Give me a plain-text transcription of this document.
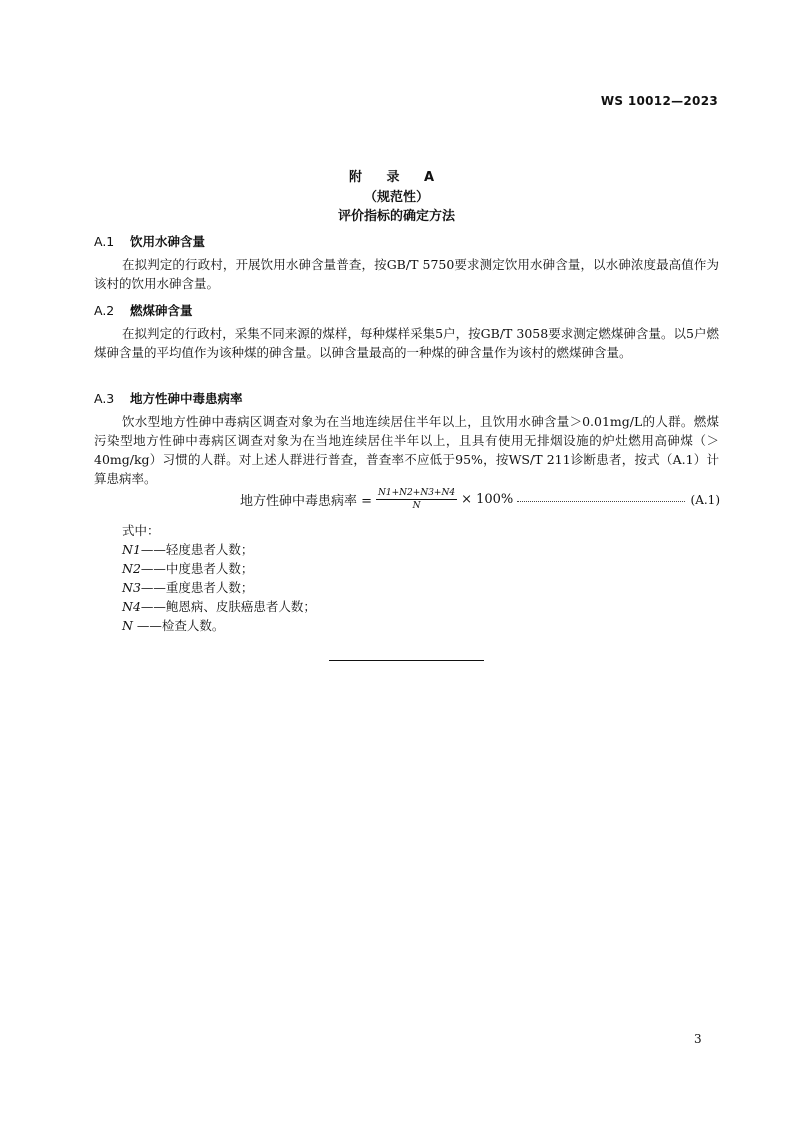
WS 10012—2023
附 录 A
（规范性）
评价指标的确定方法
A.1 饮用水砷含量
在拟判定的行政村，开展饮用水砷含量普查，按GB/T 5750要求测定饮用水砷含量，以水砷浓度最高值作为该村的饮用水砷含量。
A.2 燃煤砷含量
在拟判定的行政村，采集不同来源的煤样，每种煤样采集5户，按GB/T 3058要求测定燃煤砷含量。以5户燃煤砷含量的平均值作为该种煤的砷含量。以砷含量最高的一种煤的砷含量作为该村的燃煤砷含量。
A.3 地方性砷中毒患病率
饮水型地方性砷中毒病区调查对象为在当地连续居住半年以上，且饮用水砷含量＞0.01mg/L的人群。燃煤污染型地方性砷中毒病区调查对象为在当地连续居住半年以上，且具有使用无排烟设施的炉灶燃用高砷煤（＞40mg/kg）习惯的人群。对上述人群进行普查，普查率不应低于95%，按WS/T 211诊断患者，按式（A.1）计算患病率。
地方性砷中毒患病率 = $\frac{N1+N2+N3+N4}{N} \times 100\%$	(A.1)
式中：
N1——轻度患者人数；
N2——中度患者人数；
N3——重度患者人数；
N4——鲍恩病、皮肤癌患者人数；
N ——检查人数。
3
